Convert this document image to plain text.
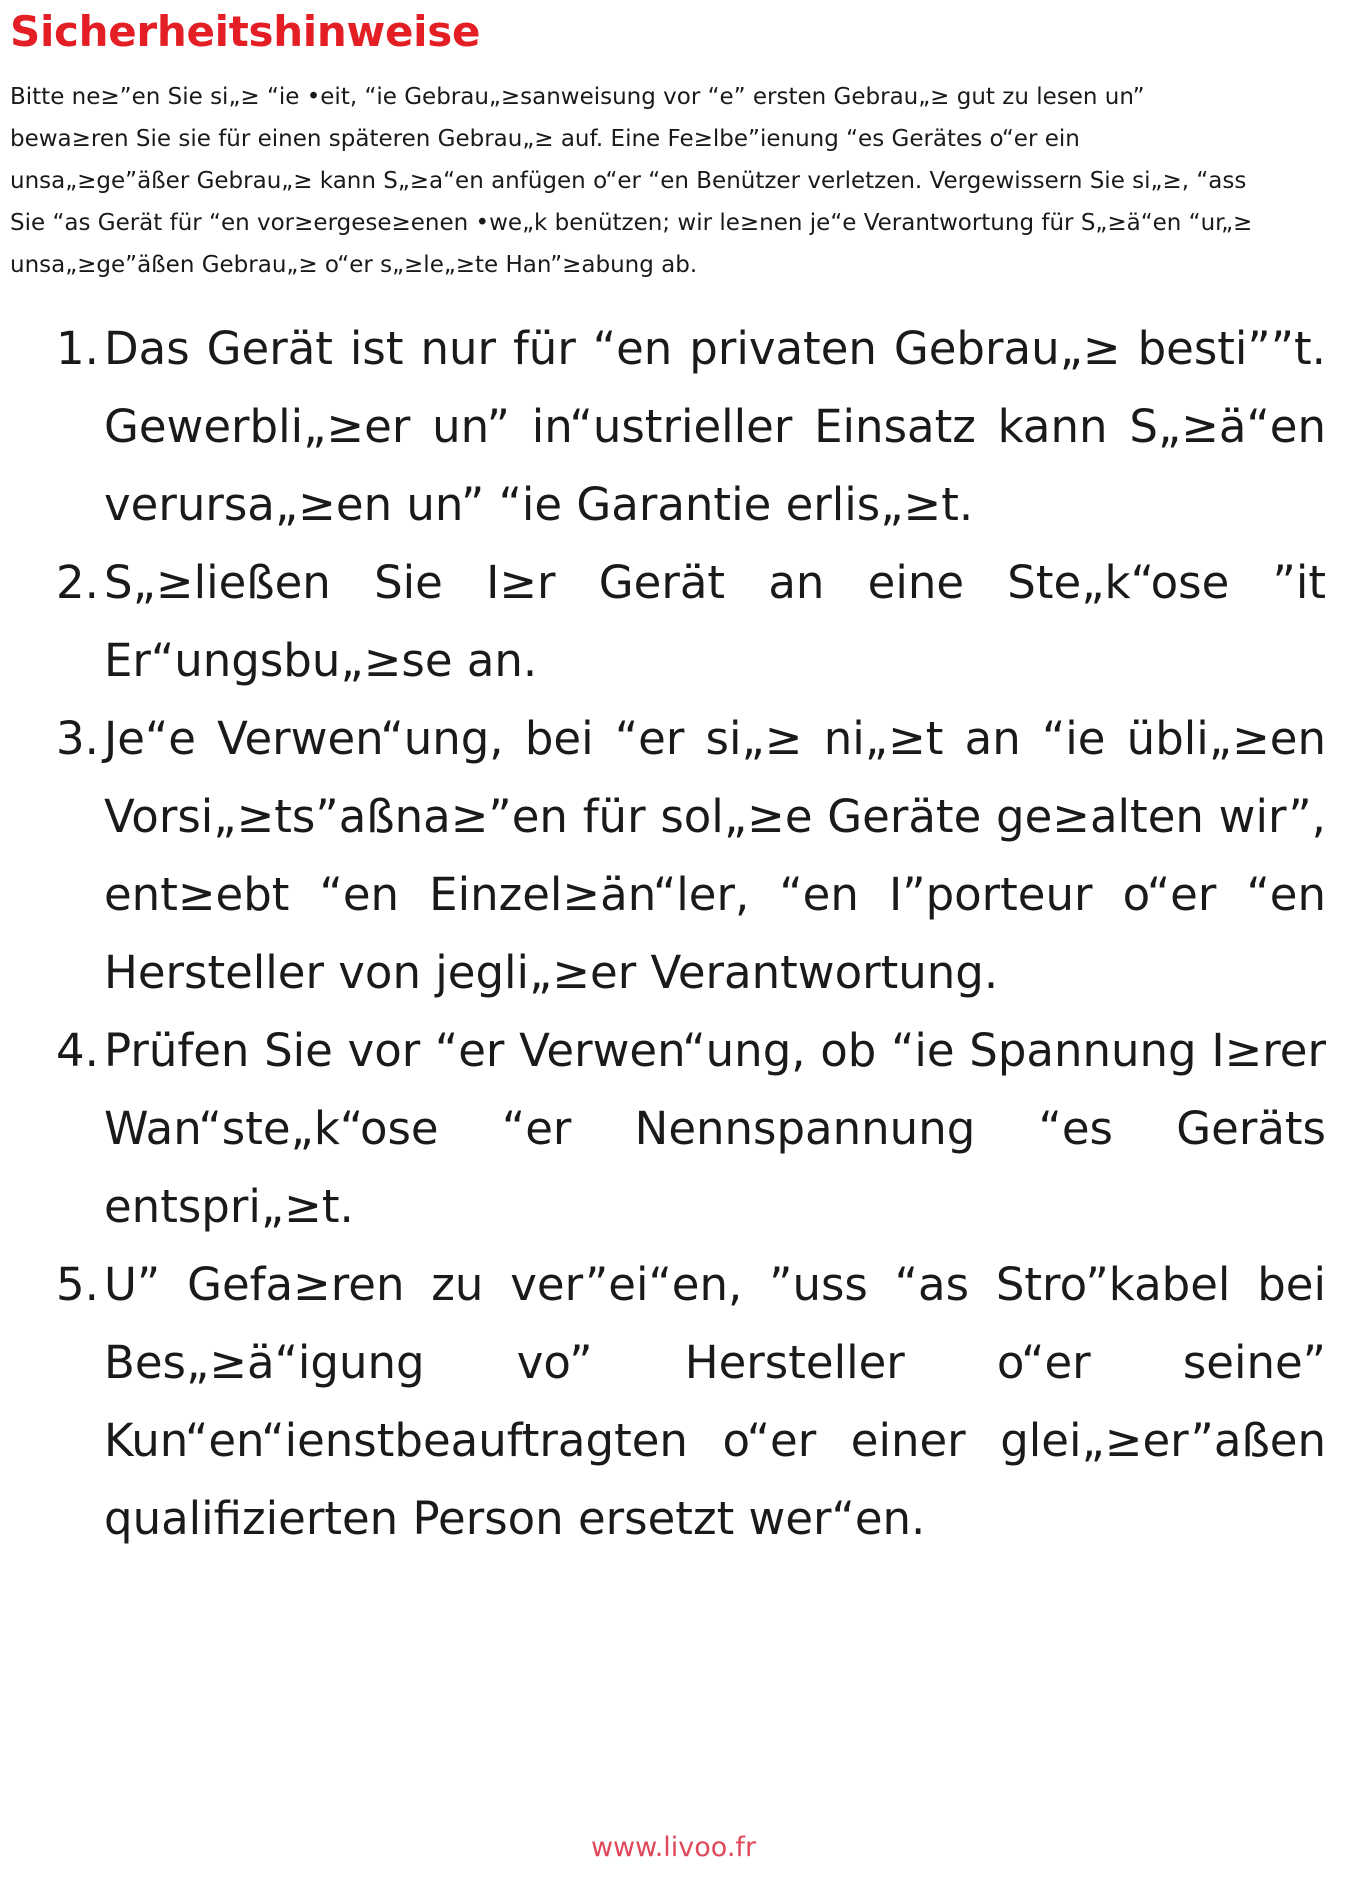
Sicherheitshinweise

Bitte ne≥”en Sie si„≥ “ie •eit, “ie Gebrau„≥sanweisung vor “e” ersten Gebrau„≥ gut zu lesen un” bewa≥ren Sie sie für einen späteren Gebrau„≥ auf. Eine Fe≥lbe”ienung “es Gerätes o“er ein unsa„≥ge”äßer Gebrau„≥ kann S„≥a“en anfügen o“er “en Benützer verletzen. Vergewissern Sie si„≥, “ass Sie “as Gerät für “en vor≥ergese≥enen •we„k benützen; wir le≥nen je“e Verantwortung für S„≥ä“en “ur„≥ unsa„≥ge”äßen Gebrau„≥ o“er s„≥le„≥te Han”≥abung ab.

1. Das Gerät ist nur für “en privaten Gebrau„≥ besti””t. Gewerbli„≥er un” in“ustrieller Einsatz kann S„≥ä“en verursa„≥en un” “ie Garantie erlis„≥t.
2. S„≥ließen Sie I≥r Gerät an eine Ste„k“ose ”it Er“ungsbu„≥se an.
3. Je“e Verwen“ung, bei “er si„≥ ni„≥t an “ie übli„≥en Vorsi„≥ts”aßna≥”en für sol„≥e Geräte ge≥alten wir”, ent≥ebt “en Einzel≥än“ler, “en I”porteur o“er “en Hersteller von jegli„≥er Verantwortung.
4. Prüfen Sie vor “er Verwen“ung, ob “ie Spannung I≥rer Wan“ste„k“ose “er Nennspannung “es Geräts entspri„≥t.
5. U” Gefa≥ren zu ver”ei“en, ”uss “as Stro”kabel bei Bes„≥ä“igung vo” Hersteller o“er seine” Kun“en“ienstbeauftragten o“er einer glei„≥er”aßen qualifizierten Person ersetzt wer“en.
www.livoo.fr
